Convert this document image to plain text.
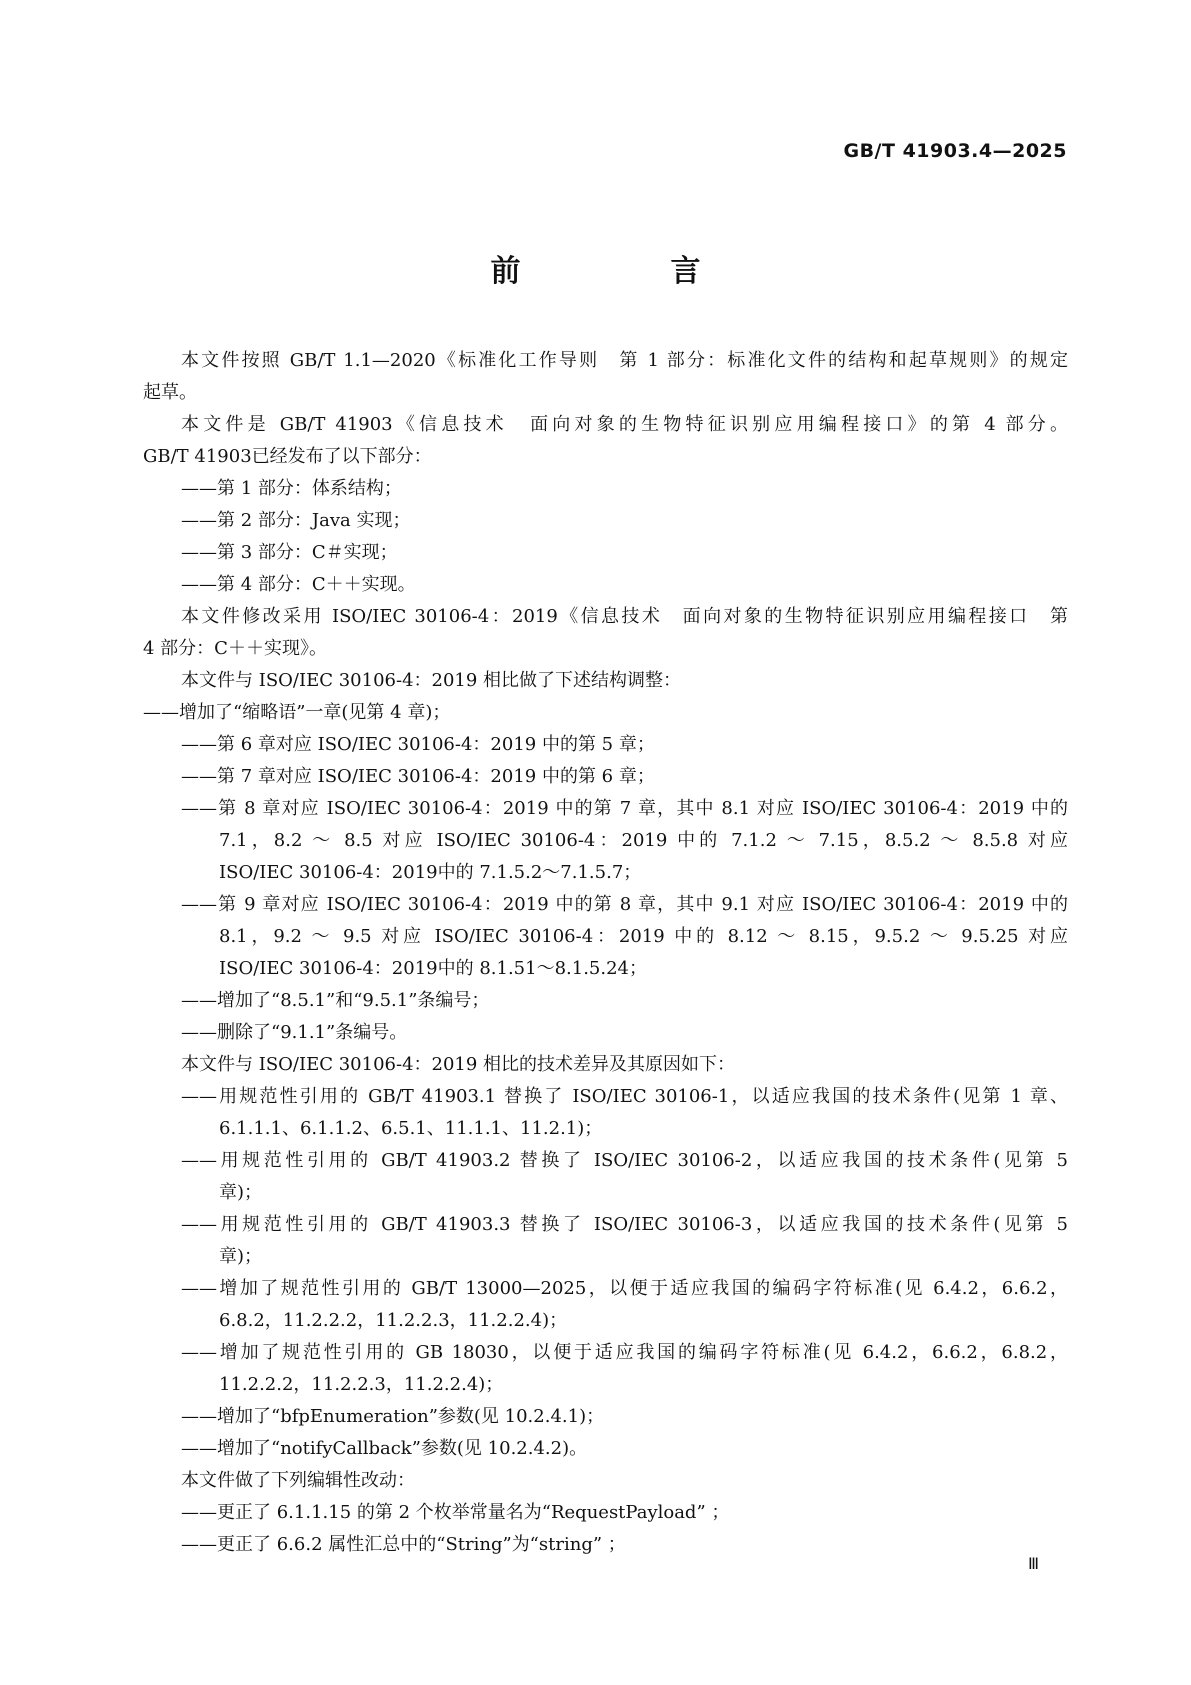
GB/T 41903.4—2025
前　言
本文件按照 GB/T 1.1—2020《标准化工作导则　第 1 部分：标准化文件的结构和起草规则》的规定
起草。
本文件是 GB/T 41903《信息技术　面向对象的生物特征识别应用编程接口》的第 4 部分。
GB/T 41903已经发布了以下部分：
——第 1 部分：体系结构；
——第 2 部分：Java 实现；
——第 3 部分：C＃实现；
——第 4 部分：C＋＋实现。
本文件修改采用 ISO/IEC 30106-4：2019《信息技术　面向对象的生物特征识别应用编程接口　第
4 部分：C＋＋实现》。
本文件与 ISO/IEC 30106-4：2019 相比做了下述结构调整：
——增加了“缩略语”一章(见第 4 章)；
——第 6 章对应 ISO/IEC 30106-4：2019 中的第 5 章；
——第 7 章对应 ISO/IEC 30106-4：2019 中的第 6 章；
——第 8 章对应 ISO/IEC 30106-4：2019 中的第 7 章，其中 8.1 对应 ISO/IEC 30106-4：2019 中的
7.1，8.2 ～ 8.5 对应 ISO/IEC 30106-4：2019 中的 7.1.2 ～ 7.15，8.5.2 ～ 8.5.8 对应
ISO/IEC 30106-4：2019中的 7.1.5.2～7.1.5.7；
——第 9 章对应 ISO/IEC 30106-4：2019 中的第 8 章，其中 9.1 对应 ISO/IEC 30106-4：2019 中的
8.1，9.2 ～ 9.5 对应 ISO/IEC 30106-4：2019 中的 8.12 ～ 8.15，9.5.2 ～ 9.5.25 对应
ISO/IEC 30106-4：2019中的 8.1.51～8.1.5.24；
——增加了“8.5.1”和“9.5.1”条编号；
——删除了“9.1.1”条编号。
本文件与 ISO/IEC 30106-4：2019 相比的技术差异及其原因如下：
——用规范性引用的 GB/T 41903.1 替换了 ISO/IEC 30106-1，以适应我国的技术条件(见第 1 章、
6.1.1.1、6.1.1.2、6.5.1、11.1.1、11.2.1)；
——用规范性引用的 GB/T 41903.2 替换了 ISO/IEC 30106-2，以适应我国的技术条件(见第 5
章)；
——用规范性引用的 GB/T 41903.3 替换了 ISO/IEC 30106-3，以适应我国的技术条件(见第 5
章)；
——增加了规范性引用的 GB/T 13000—2025，以便于适应我国的编码字符标准(见 6.4.2，6.6.2，
6.8.2，11.2.2.2，11.2.2.3，11.2.2.4)；
——增加了规范性引用的 GB 18030，以便于适应我国的编码字符标准(见 6.4.2，6.6.2，6.8.2，
11.2.2.2，11.2.2.3，11.2.2.4)；
——增加了“bfpEnumeration”参数(见 10.2.4.1)；
——增加了“notifyCallback”参数(见 10.2.4.2)。
本文件做了下列编辑性改动：
——更正了 6.1.1.15 的第 2 个枚举常量名为“RequestPayload” ；
——更正了 6.6.2 属性汇总中的“String”为“string” ；
Ⅲ
